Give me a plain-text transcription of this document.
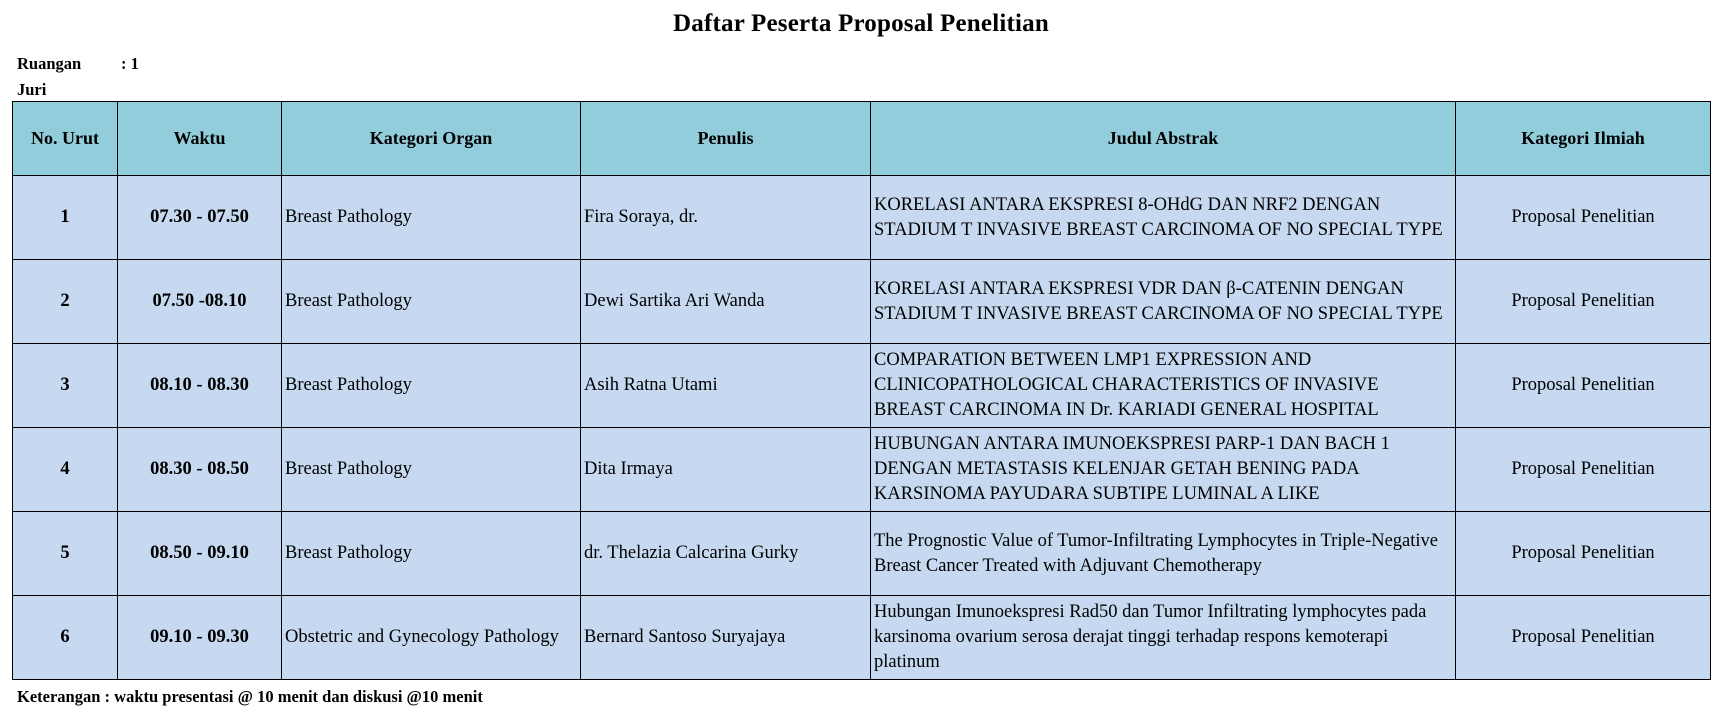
Daftar Peserta Proposal Penelitian
Ruangan : 1
Juri
No. Urut	Waktu	Kategori Organ	Penulis	Judul Abstrak	Kategori Ilmiah
1	07.30 - 07.50	Breast Pathology	Fira Soraya, dr.	KORELASI ANTARA EKSPRESI 8-OHdG DAN NRF2 DENGAN STADIUM T INVASIVE BREAST CARCINOMA OF NO SPECIAL TYPE	Proposal Penelitian
2	07.50 -08.10	Breast Pathology	Dewi Sartika Ari Wanda	KORELASI ANTARA EKSPRESI VDR DAN β-CATENIN DENGAN STADIUM T INVASIVE BREAST CARCINOMA OF NO SPECIAL TYPE	Proposal Penelitian
3	08.10 - 08.30	Breast Pathology	Asih Ratna Utami	COMPARATION BETWEEN LMP1 EXPRESSION AND CLINICOPATHOLOGICAL CHARACTERISTICS OF INVASIVE BREAST CARCINOMA IN Dr. KARIADI GENERAL HOSPITAL	Proposal Penelitian
4	08.30 - 08.50	Breast Pathology	Dita Irmaya	HUBUNGAN ANTARA IMUNOEKSPRESI PARP-1 DAN BACH 1 DENGAN METASTASIS KELENJAR GETAH BENING PADA KARSINOMA PAYUDARA SUBTIPE LUMINAL A LIKE	Proposal Penelitian
5	08.50 - 09.10	Breast Pathology	dr. Thelazia Calcarina Gurky	The Prognostic Value of Tumor-Infiltrating Lymphocytes in Triple-Negative Breast Cancer Treated with Adjuvant Chemotherapy	Proposal Penelitian
6	09.10 - 09.30	Obstetric and Gynecology Pathology	Bernard Santoso Suryajaya	Hubungan Imunoekspresi Rad50 dan Tumor Infiltrating lymphocytes pada karsinoma ovarium serosa derajat tinggi terhadap respons kemoterapi platinum	Proposal Penelitian
Keterangan : waktu presentasi @ 10 menit dan diskusi @10 menit
